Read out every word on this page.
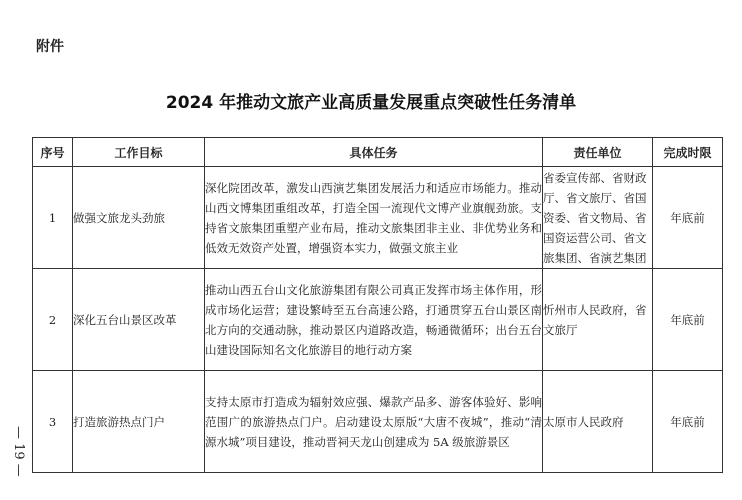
附件
2024 年推动文旅产业高质量发展重点突破性任务清单
— 19 —
序号	工作目标	具体任务	责任单位	完成时限
1	做强文旅龙头劲旅	深化院团改革，激发山西演艺集团发展活力和适应市场能力。推动山西文博集团重组改革，打造全国一流现代文博产业旗舰劲旅。支持省文旅集团重塑产业布局，推动文旅集团非主业、非优势业务和低效无效资产处置，增强资本实力，做强文旅主业	省委宣传部、省财政厅、省文旅厅、省国资委、省文物局、省国资运营公司、省文旅集团、省演艺集团	年底前
2	深化五台山景区改革	推动山西五台山文化旅游集团有限公司真正发挥市场主体作用，形成市场化运营；建设繁峙至五台高速公路，打通贯穿五台山景区南北方向的交通动脉，推动景区内道路改造，畅通微循环；出台五台山建设国际知名文化旅游目的地行动方案	忻州市人民政府，省文旅厅	年底前
3	打造旅游热点门户	支持太原市打造成为辐射效应强、爆款产品多、游客体验好、影响范围广的旅游热点门户。启动建设太原版“大唐不夜城”，推动“清源水城”项目建设，推动晋祠天龙山创建成为 5A 级旅游景区	太原市人民政府	年底前
